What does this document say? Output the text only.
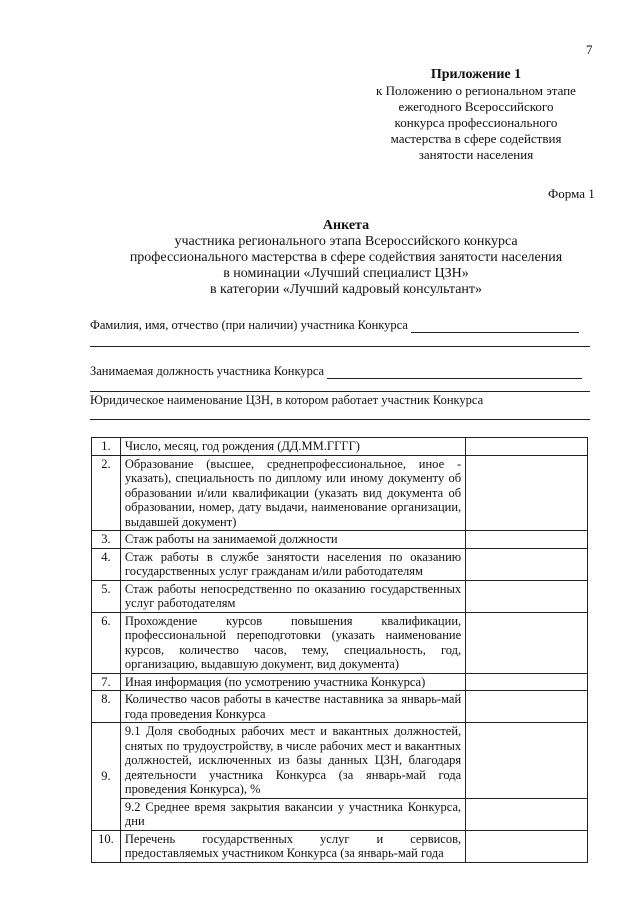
7
Приложение 1
к Положению о региональном этапе
ежегодного Всероссийского
конкурса профессионального
мастерства в сфере содействия
занятости населения
Форма 1
Анкета
участника регионального этапа Всероссийского конкурса
профессионального мастерства в сфере содействия занятости населения
в номинации «Лучший специалист ЦЗН»
в категории «Лучший кадровый консультант»
Фамилия, имя, отчество (при наличии) участника Конкурса
Занимаемая должность участника Конкурса
Юридическое наименование ЦЗН, в котором работает участник Конкурса
1.	Число, месяц, год рождения (ДД.ММ.ГГГГ)	
2.	Образование (высшее, среднепрофессиональное, иное - указать), специальность по диплому или иному документу об образовании и/или квалификации (указать вид документа об образовании, номер, дату выдачи, наименование организации, выдавшей документ)	
3.	Стаж работы на занимаемой должности	
4.	Стаж работы в службе занятости населения по оказанию государственных услуг гражданам и/или работодателям	
5.	Стаж работы непосредственно по оказанию государственных услуг работодателям	
6.	Прохождение курсов повышения квалификации, профессиональной переподготовки (указать наименование курсов, количество часов, тему, специальность, год, организацию, выдавшую документ, вид документа)	
7.	Иная информация (по усмотрению участника Конкурса)	
8.	Количество часов работы в качестве наставника за январь-май года проведения Конкурса	
9.	9.1 Доля свободных рабочих мест и вакантных должностей, снятых по трудоустройству, в числе рабочих мест и вакантных должностей, исключенных из базы данных ЦЗН, благодаря деятельности участника Конкурса (за январь-май года проведения Конкурса), %	
	9.2 Среднее время закрытия вакансии у участника Конкурса, дни	
10.	Перечень государственных услуг и сервисов, предоставляемых участником Конкурса (за январь-май года	
